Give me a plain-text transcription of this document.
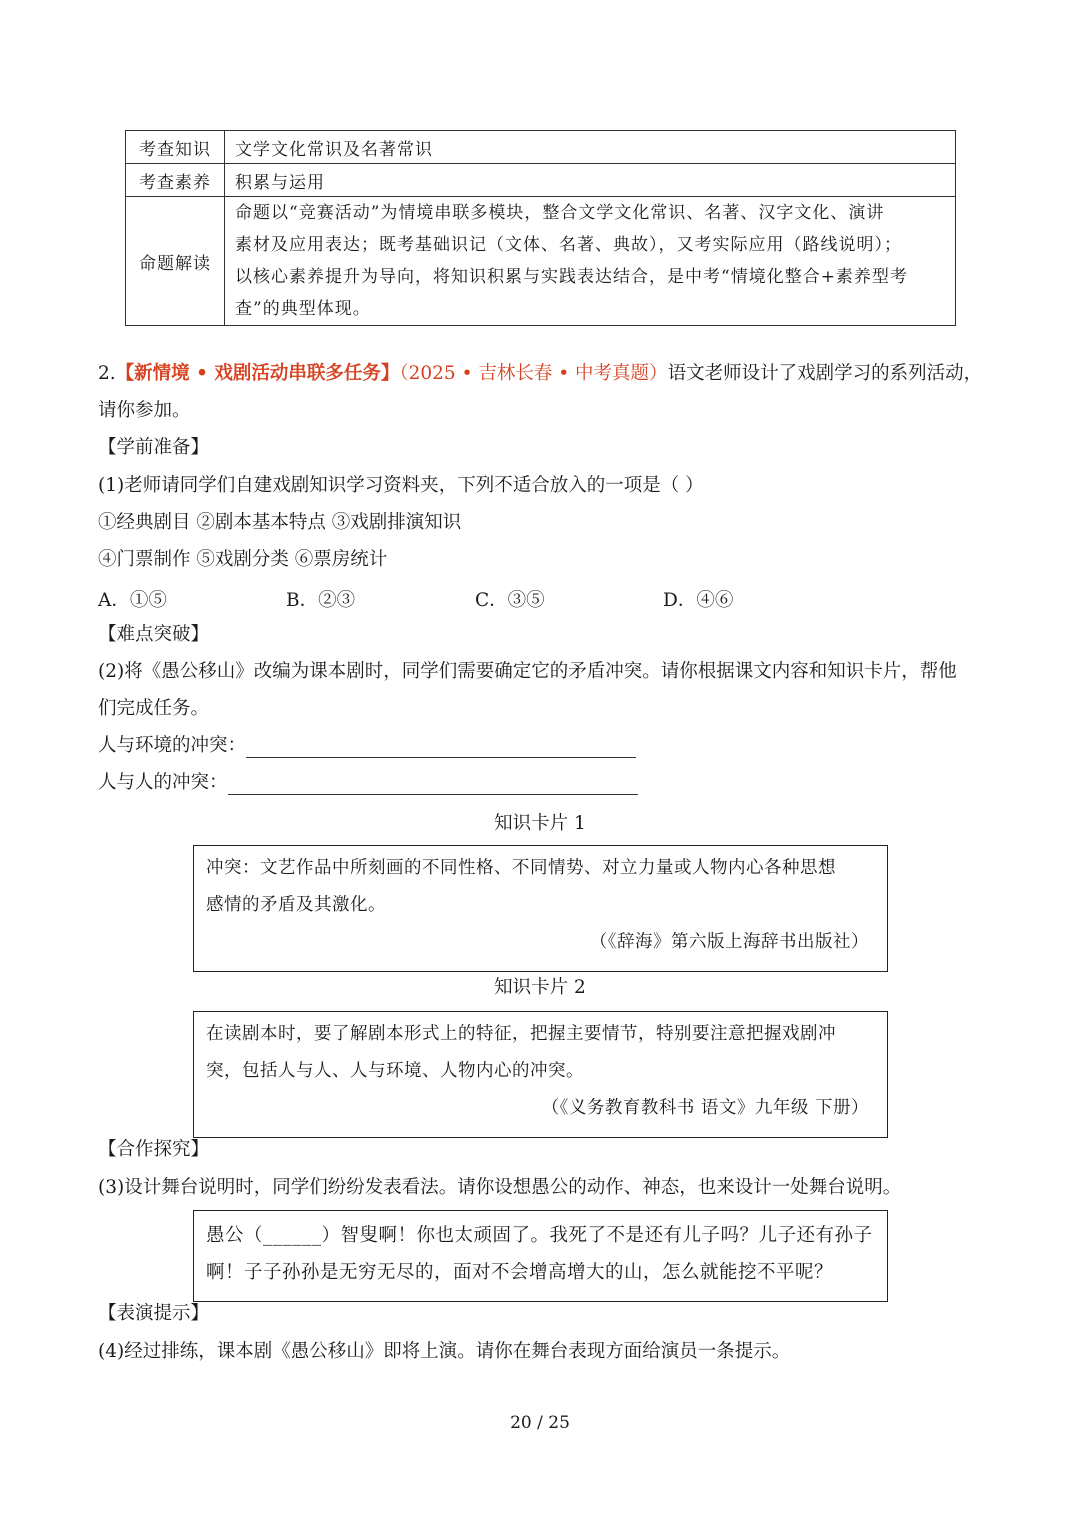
考查知识	文学文化常识及名著常识
考查素养	积累与运用
命题解读	命题以“竞赛活动”为情境串联多模块，整合文学文化常识、名著、汉字文化、演讲
素材及应用表达；既考基础识记（文体、名著、典故），又考实际应用（路线说明）；
以核心素养提升为导向，将知识积累与实践表达结合，是中考“情境化整合+素养型考
查”的典型体现。
2.【新情境 • 戏剧活动串联多任务】（2025 • 吉林长春 • 中考真题）语文老师设计了戏剧学习的系列活动，
请你参加。
【学前准备】
(1)老师请同学们自建戏剧知识学习资料夹，下列不适合放入的一项是（ ）
①经典剧目 ②剧本基本特点 ③戏剧排演知识
④门票制作 ⑤戏剧分类 ⑥票房统计
A．①⑤	B．②③	C．③⑤	D．④⑥
【难点突破】
(2)将《愚公移山》改编为课本剧时，同学们需要确定它的矛盾冲突。请你根据课文内容和知识卡片，帮他
们完成任务。
人与环境的冲突：
人与人的冲突：
知识卡片 1
冲突：文艺作品中所刻画的不同性格、不同情势、对立力量或人物内心各种思想
感情的矛盾及其激化。
（《辞海》第六版上海辞书出版社）
知识卡片 2
在读剧本时，要了解剧本形式上的特征，把握主要情节，特别要注意把握戏剧冲
突，包括人与人、人与环境、人物内心的冲突。
（《义务教育教科书 语文》九年级 下册）
【合作探究】
(3)设计舞台说明时，同学们纷纷发表看法。请你设想愚公的动作、神态，也来设计一处舞台说明。
愚公（______）智叟啊！你也太顽固了。我死了不是还有儿子吗？儿子还有孙子
啊！子子孙孙是无穷无尽的，面对不会增高增大的山，怎么就能挖不平呢？
【表演提示】
(4)经过排练，课本剧《愚公移山》即将上演。请你在舞台表现方面给演员一条提示。
20 / 25
